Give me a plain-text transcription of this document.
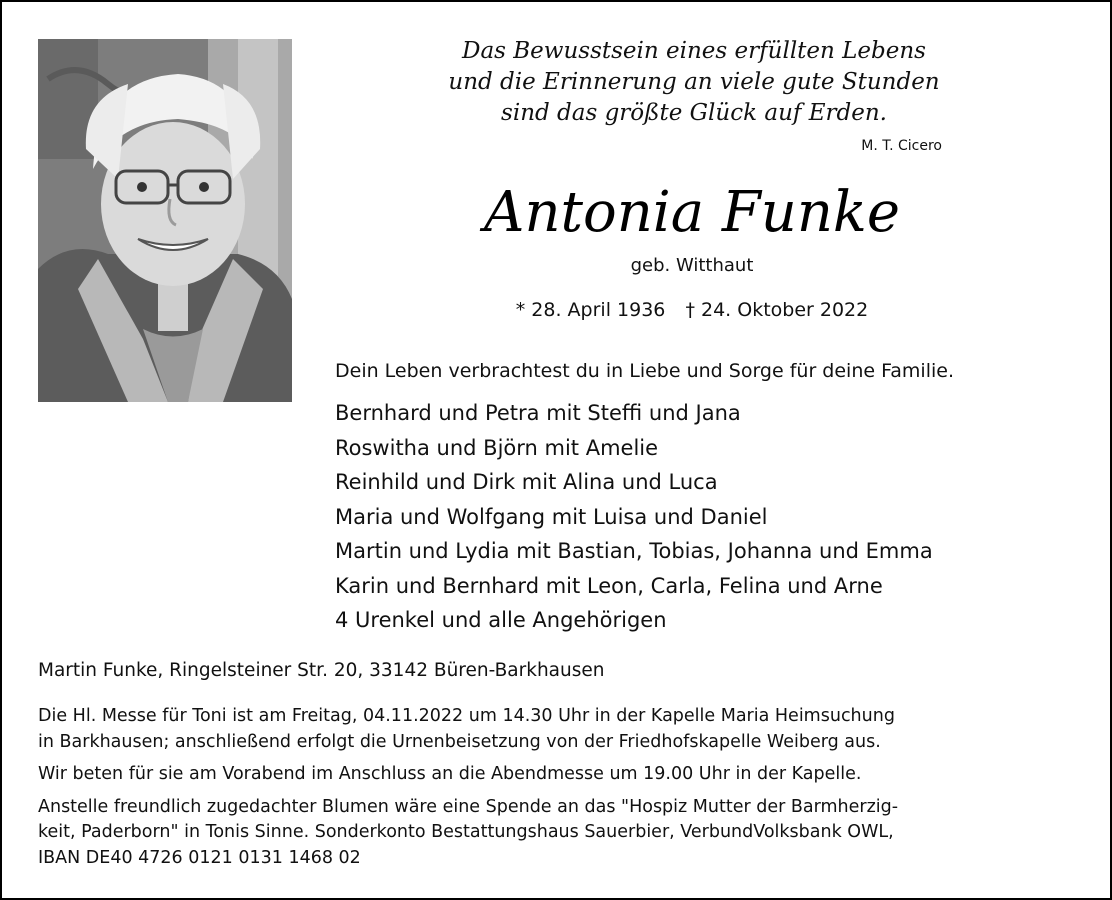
Das Bewusstsein eines erfüllten Lebens
und die Erinnerung an viele gute Stunden
sind das größte Glück auf Erden.
M. T. Cicero
Antonia Funke
geb. Witthaut
* 28. April 1936 † 24. Oktober 2022
Dein Leben verbrachtest du in Liebe und Sorge für deine Familie.
Bernhard und Petra mit Steffi und Jana
Roswitha und Björn mit Amelie
Reinhild und Dirk mit Alina und Luca
Maria und Wolfgang mit Luisa und Daniel
Martin und Lydia mit Bastian, Tobias, Johanna und Emma
Karin und Bernhard mit Leon, Carla, Felina und Arne
4 Urenkel und alle Angehörigen
Martin Funke, Ringelsteiner Str. 20, 33142 Büren-Barkhausen

Die Hl. Messe für Toni ist am Freitag, 04.11.2022 um 14.30 Uhr in der Kapelle Maria Heimsuchung
in Barkhausen; anschließend erfolgt die Urnenbeisetzung von der Friedhofskapelle Weiberg aus.

Wir beten für sie am Vorabend im Anschluss an die Abendmesse um 19.00 Uhr in der Kapelle.

Anstelle freundlich zugedachter Blumen wäre eine Spende an das "Hospiz Mutter der Barmherzig-
keit, Paderborn" in Tonis Sinne. Sonderkonto Bestattungshaus Sauerbier, VerbundVolksbank OWL,
IBAN DE40 4726 0121 0131 1468 02
